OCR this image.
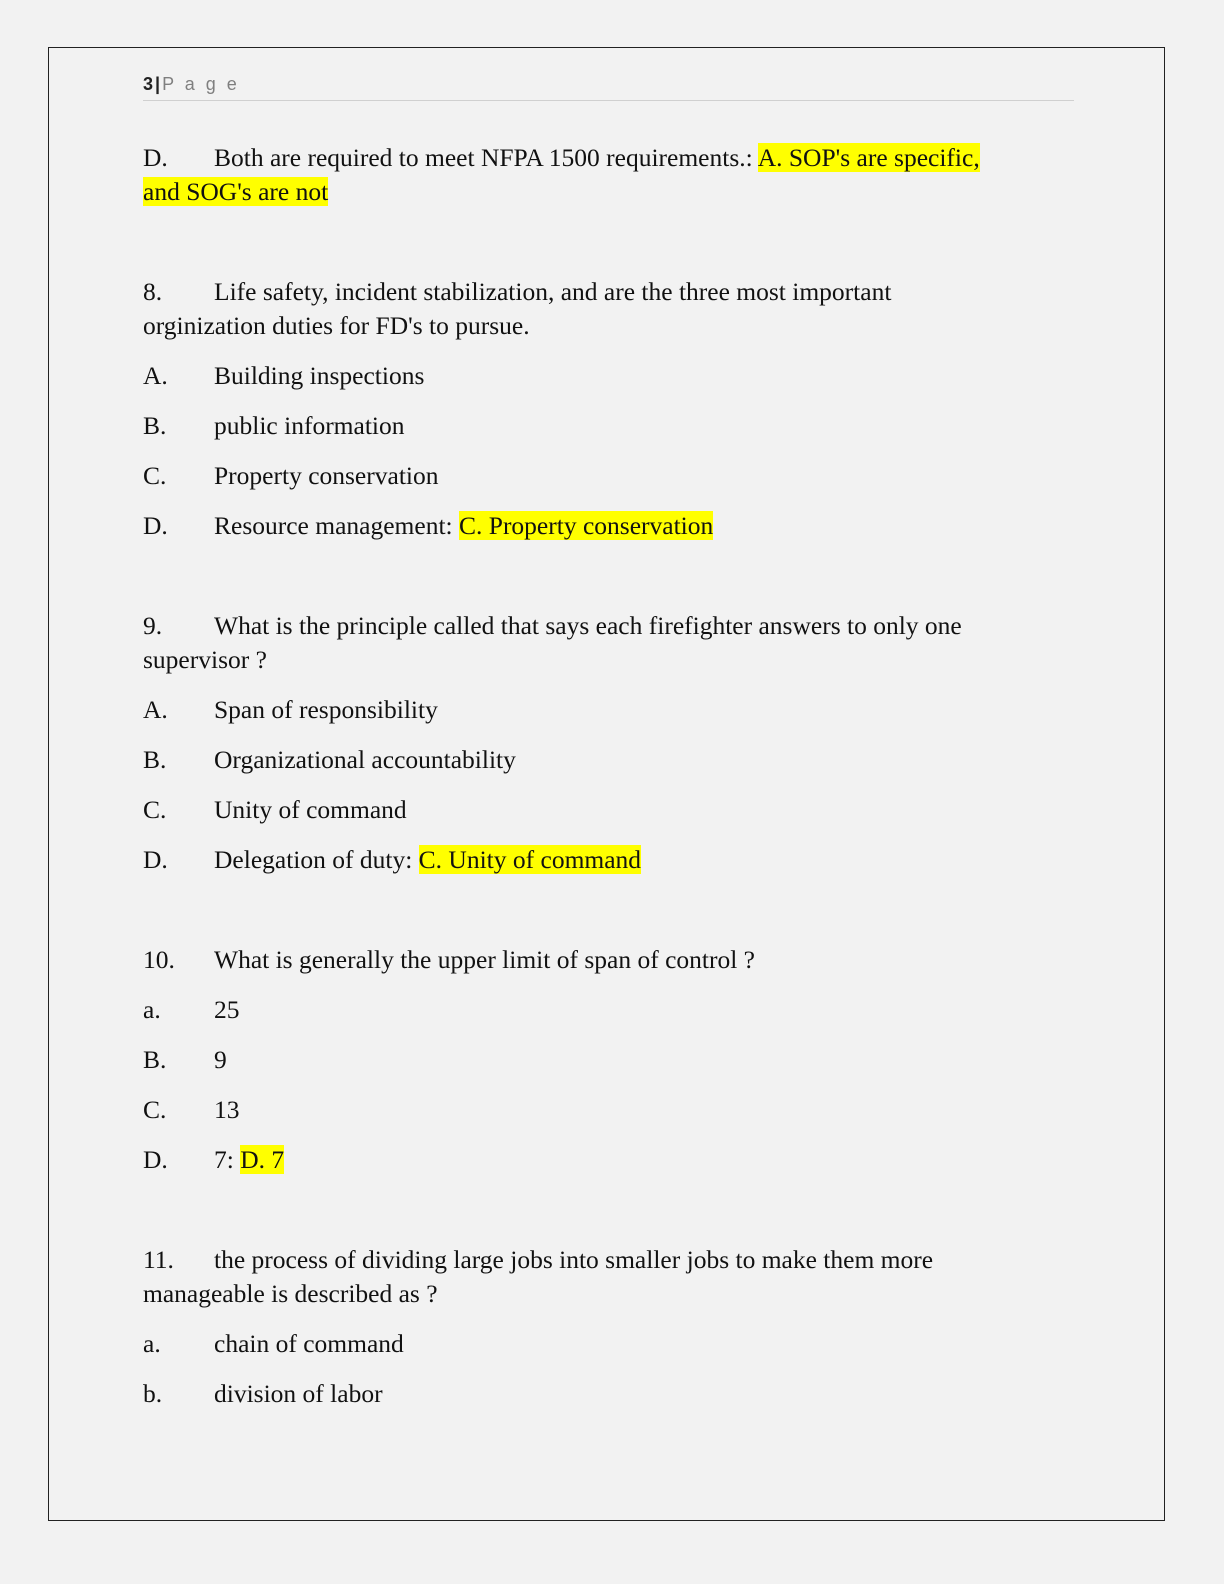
3 | P a g e

D. Both are required to meet NFPA 1500 requirements.: A. SOP's are specific,

and SOG's are not

8. Life safety, incident stabilization, and are the three most important

orginization duties for FD's to pursue.

A. Building inspections

B. public information

C. Property conservation

D. Resource management: C. Property conservation

9. What is the principle called that says each firefighter answers to only one

supervisor ?

A. Span of responsibility

B. Organizational accountability

C. Unity of command

D. Delegation of duty: C. Unity of command

10. What is generally the upper limit of span of control ?

a. 25

B. 9

C. 13

D. 7: D. 7

11. the process of dividing large jobs into smaller jobs to make them more

manageable is described as ?

a. chain of command

b. division of labor
